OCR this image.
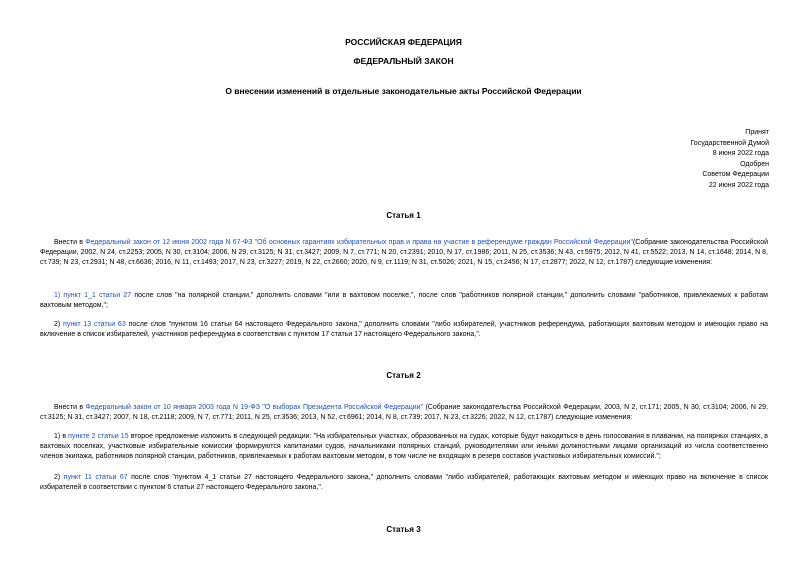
РОССИЙСКАЯ ФЕДЕРАЦИЯ
ФЕДЕРАЛЬНЫЙ ЗАКОН
О внесении изменений в отдельные законодательные акты Российской Федерации
Принят
Государственной Думой
8 июня 2022 года
Одобрен
Советом Федерации
22 июня 2022 года
Статья 1
Внести в Федеральный закон от 12 июня 2002 года N 67-ФЗ "Об основных гарантиях избирательных прав и права на участие в референдуме граждан Российской Федерации"(Собрание законодательства Российской Федерации, 2002, N 24, ст.2253; 2005, N 30, ст.3104; 2006, N 29, ст.3125; N 31, ст.3427; 2009, N 7, ст.771; N 20, ст.2391; 2010, N 17, ст.1986; 2011, N 25, ст.3536; N 43, ст.5975; 2012, N 41, ст.5522; 2013, N 14, ст.1648; 2014, N 8, ст.739; N 23, ст.2931; N 48, ст.6636; 2016, N 11, ст.1493; 2017, N 23, ст.3227; 2019, N 22, ст.2660; 2020, N 9, ст.1119; N 31, ст.5026; 2021, N 15, ст.2456; N 17, ст.2877; 2022, N 12, ст.1787) следующие изменения:
1) пункт 1_1 статьи 27 после слов "на полярной станции," дополнить словами "или в вахтовом поселке,", после слов "работников полярной станции," дополнить словами "работников, привлекаемых к работам вахтовым методом,";
2) пункт 13 статьи 63 после слов "пунктом 16 статьи 64 настоящего Федерального закона," дополнить словами "либо избирателей, участников референдума, работающих вахтовым методом и имеющих право на включение в список избирателей, участников референдума в соответствии с пунктом 17 статьи 17 настоящего Федерального закона,".
Статья 2
Внести в Федеральный закон от 10 января 2003 года N 19-ФЗ "О выборах Президента Российской Федерации" (Собрание законодательства Российской Федерации, 2003, N 2, ст.171; 2005, N 30, ст.3104; 2006, N 29, ст.3125; N 31, ст.3427; 2007, N 18, ст.2118; 2009, N 7, ст.771; 2011, N 25, ст.3536; 2013, N 52, ст.6961; 2014, N 8, ст.739; 2017, N 23, ст.3226; 2022, N 12, ст.1787) следующие изменения:
1) в пункте 2 статьи 15 второе предложение изложить в следующей редакции: "На избирательных участках, образованных на судах, которые будут находиться в день голосования в плавании, на полярных станциях, в вахтовых поселках, участковые избирательные комиссии формируются капитанами судов, начальниками полярных станций, руководителями или иными должностными лицами организаций из числа соответственно членов экипажа, работников полярной станции, работников, привлекаемых к работам вахтовым методом, в том числе не входящих в резерв составов участковых избирательных комиссий.";
2) пункт 11 статьи 67 после слов "пунктом 4_1 статьи 27 настоящего Федерального закона," дополнить словами "либо избирателей, работающих вахтовым методом и имеющих право на включение в список избирателей в соответствии с пунктом 6 статьи 27 настоящего Федерального закона,".
Статья 3
